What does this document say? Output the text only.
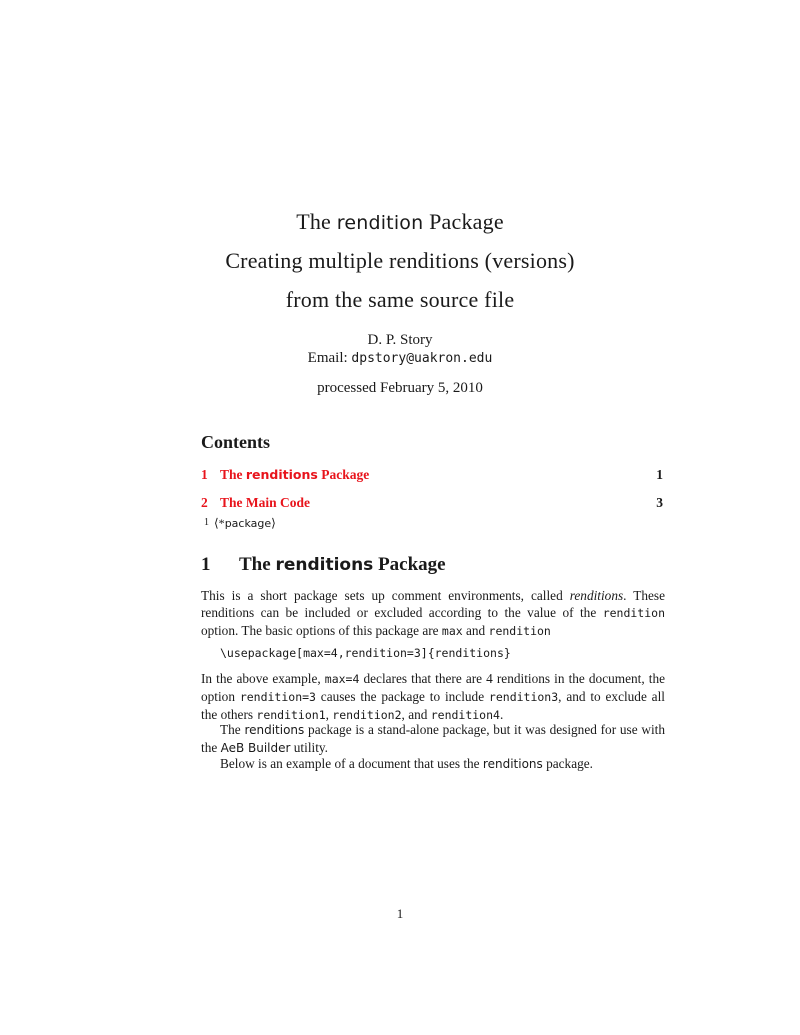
The rendition Package
Creating multiple renditions (versions)
from the same source file
D. P. Story
Email: dpstory@uakron.edu
processed February 5, 2010
Contents
1 The renditions Package	1
2 The Main Code	3
1 ⟨*package⟩
1 The renditions Package
This is a short package sets up comment environments, called renditions. These renditions can be included or excluded according to the value of the rendition option. The basic options of this package are max and rendition
\usepackage[max=4,rendition=3]{renditions}
In the above example, max=4 declares that there are 4 renditions in the document, the option rendition=3 causes the package to include rendition3, and to exclude all the others rendition1, rendition2, and rendition4.
The renditions package is a stand-alone package, but it was designed for use with the AeB Builder utility.
Below is an example of a document that uses the renditions package.
1
